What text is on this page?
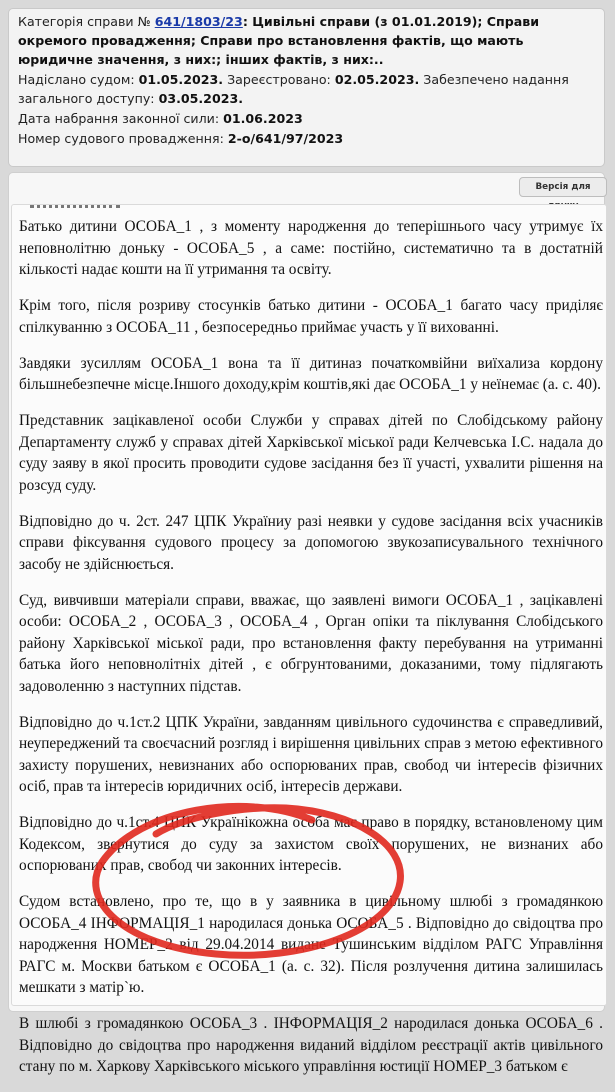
Категорія справи № 641/1803/23: Цивільні справи (з 01.01.2019); Справи окремого провадження; Справи про встановлення фактів, що мають юридичне значення, з них:; інших фактів, з них:..

Надіслано судом: 01.05.2023. Зареєстровано: 02.05.2023. Забезпечено надання загального доступу: 03.05.2023.

Дата набрання законної сили: 01.06.2023

Номер судового провадження: 2-о/641/97/2023

Версія для

Батько дитини ОСОБА_1 , з моменту народження до теперішнього часу утримує їх неповнолітню доньку - ОСОБА_5 , а саме: постійно, систематично та в достатній кількості надає кошти на її утримання та освіту.

Крім того, після розриву стосунків батько дитини - ОСОБА_1 багато часу приділяє спілкуванню з ОСОБА_11 , безпосередньо приймає участь у її вихованні.

Завдяки зусиллям ОСОБА_1 вона та її дитиназ початкомвійни виїхализа кордону більшнебезпечне місце.Іншого доходу,крім коштів,які дає ОСОБА_1 у неїнемає (а. с. 40).

Представник зацікавленої особи Служби у справах дітей по Слобідському району Департаменту служб у справах дітей Харківської міської ради Келчевська І.С. надала до суду заяву в якої просить проводити судове засідання без її участі, ухвалити рішення на розсуд суду.

Відповідно до ч. 2ст. 247 ЦПК Україниу разі неявки у судове засідання всіх учасників справи фіксування судового процесу за допомогою звукозаписувального технічного засобу не здійснюється.

Суд, вивчивши матеріали справи, вважає, що заявлені вимоги ОСОБА_1 , зацікавлені особи: ОСОБА_2 , ОСОБА_3 , ОСОБА_4 , Орган опіки та піклування Слобідського району Харківської міської ради, про встановлення факту перебування на утриманні батька його неповнолітніх дітей , є обгрунтованими, доказаними, тому підлягають задоволенню з наступних підстав.

Відповідно до ч.1ст.2 ЦПК України, завданням цивільного судочинства є справедливий, неупереджений та своєчасний розгляд і вирішення цивільних справ з метою ефективного захисту порушених, невизнаних або оспорюваних прав, свобод чи інтересів фізичних осіб, прав та інтересів юридичних осіб, інтересів держави.

Відповідно до ч.1ст.4 ЦПК Українікожна особа має право в порядку, встановленому цим Кодексом, звернутися до суду за захистом своїх порушених, не визнаних або оспорюваних прав, свобод чи законних інтересів.

Судом встановлено, про те, що в у заявника в цивільному шлюбі з громадянкою ОСОБА_4 ІНФОРМАЦІЯ_1 народилася донька ОСОБА_5 . Відповідно до свідоцтва про народження НОМЕР_2 від 29.04.2014 видане Тушинським відділом РАГС Управління РАГС м. Москви батьком є ОСОБА_1 (а. с. 32). Після розлучення дитина залишилась мешкати з матір`ю.

В шлюбі з громадянкою ОСОБА_3 . ІНФОРМАЦІЯ_2 народилася донька ОСОБА_6 . Відповідно до свідоцтва про народження виданий відділом реєстрації актів цивільного стану по м. Харкову Харківського міського управління юстиції НОМЕР_3 батьком є
